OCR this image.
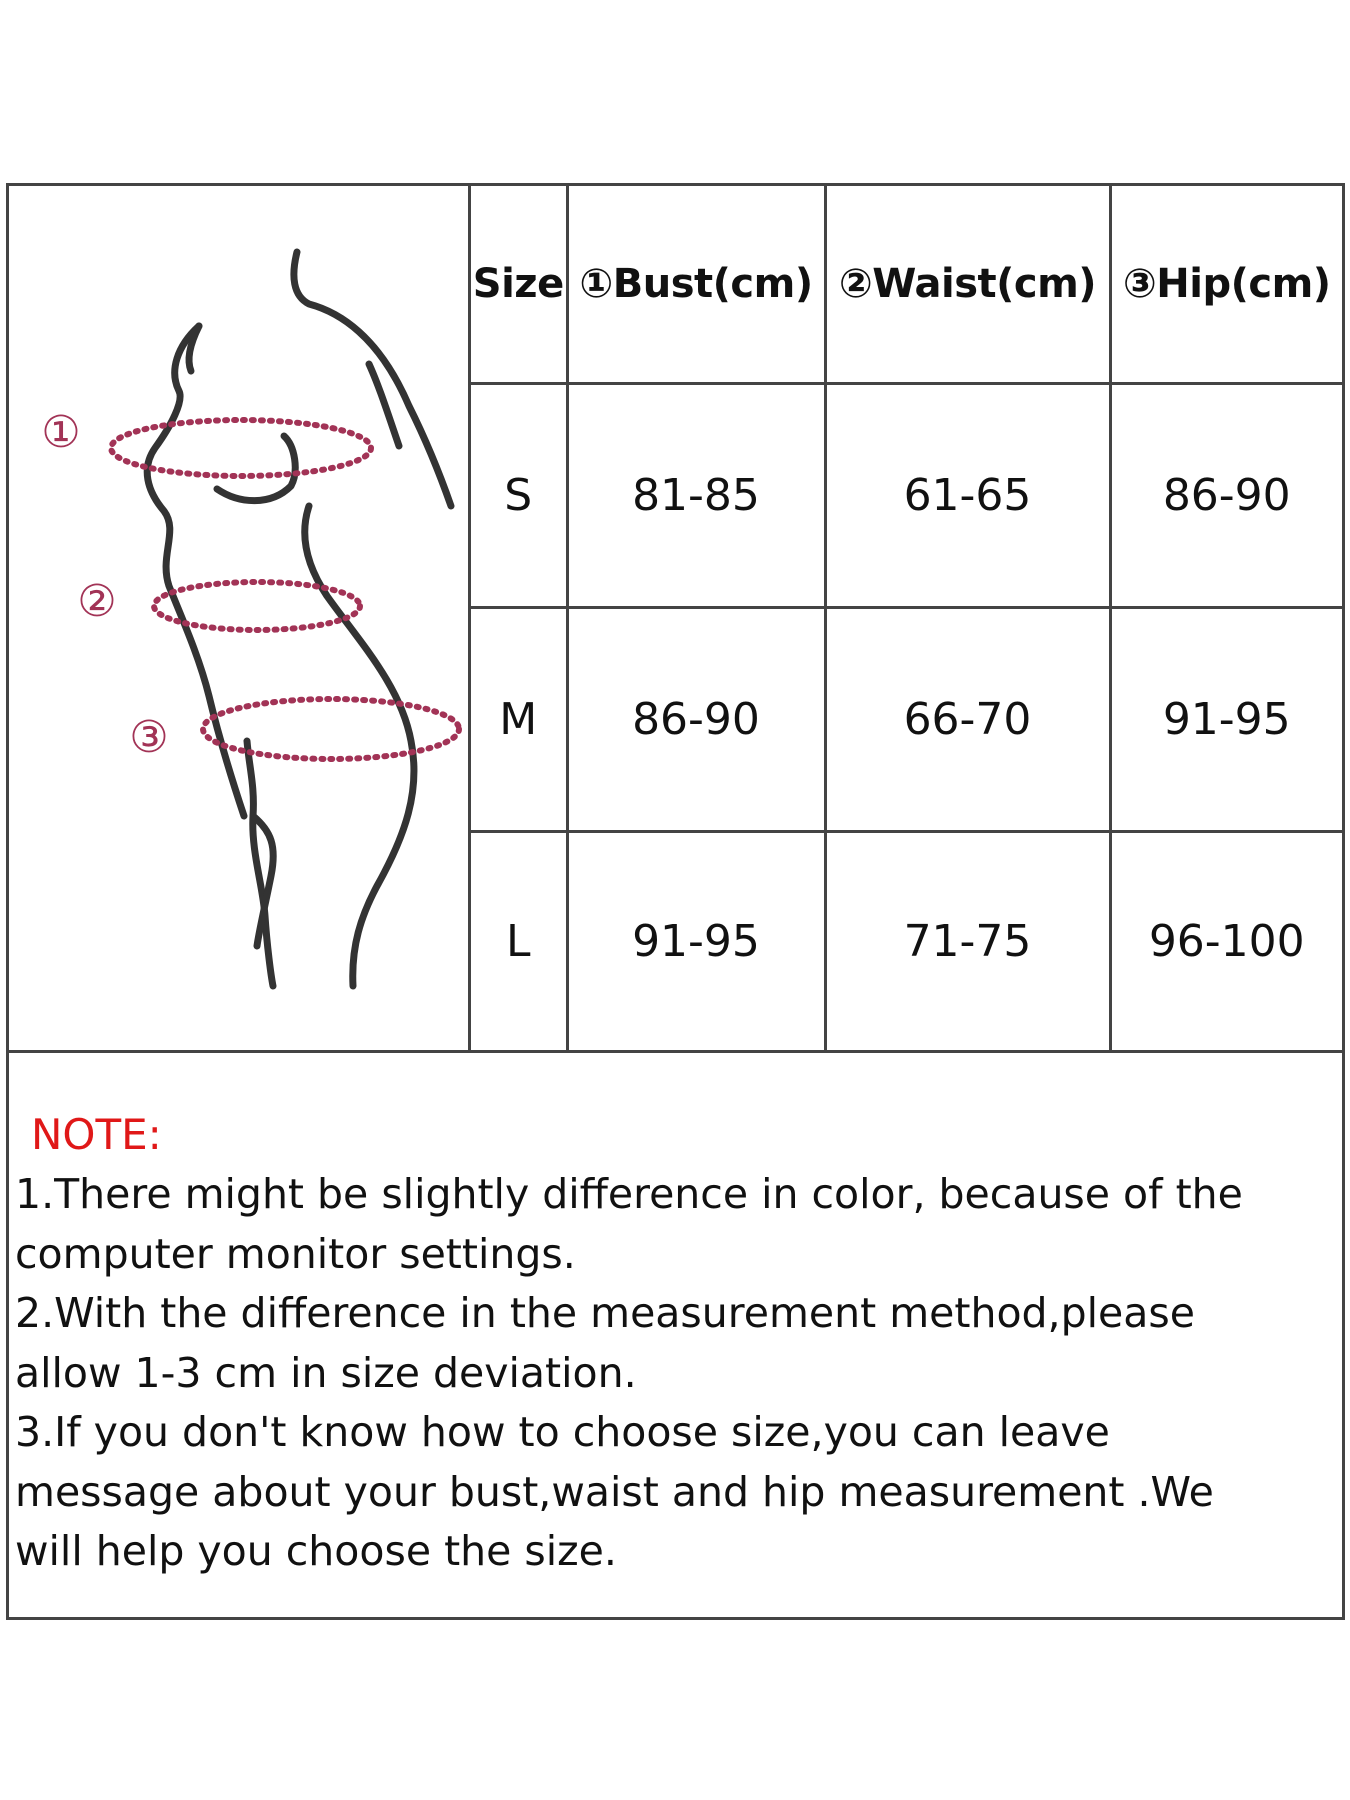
①
②
③
Size	①Bust(cm)	②Waist(cm)	③Hip(cm)
S	81-85	61-65	86-90
M	86-90	66-70	91-95
L	91-95	71-75	96-100

NOTE:

1.There might be slightly difference in color, because of the

computer monitor settings.

2.With the difference in the measurement method,please

allow 1-3 cm in size deviation.

3.If you don't know how to choose size,you can leave

message about your bust,waist and hip measurement .We

will help you choose the size.
